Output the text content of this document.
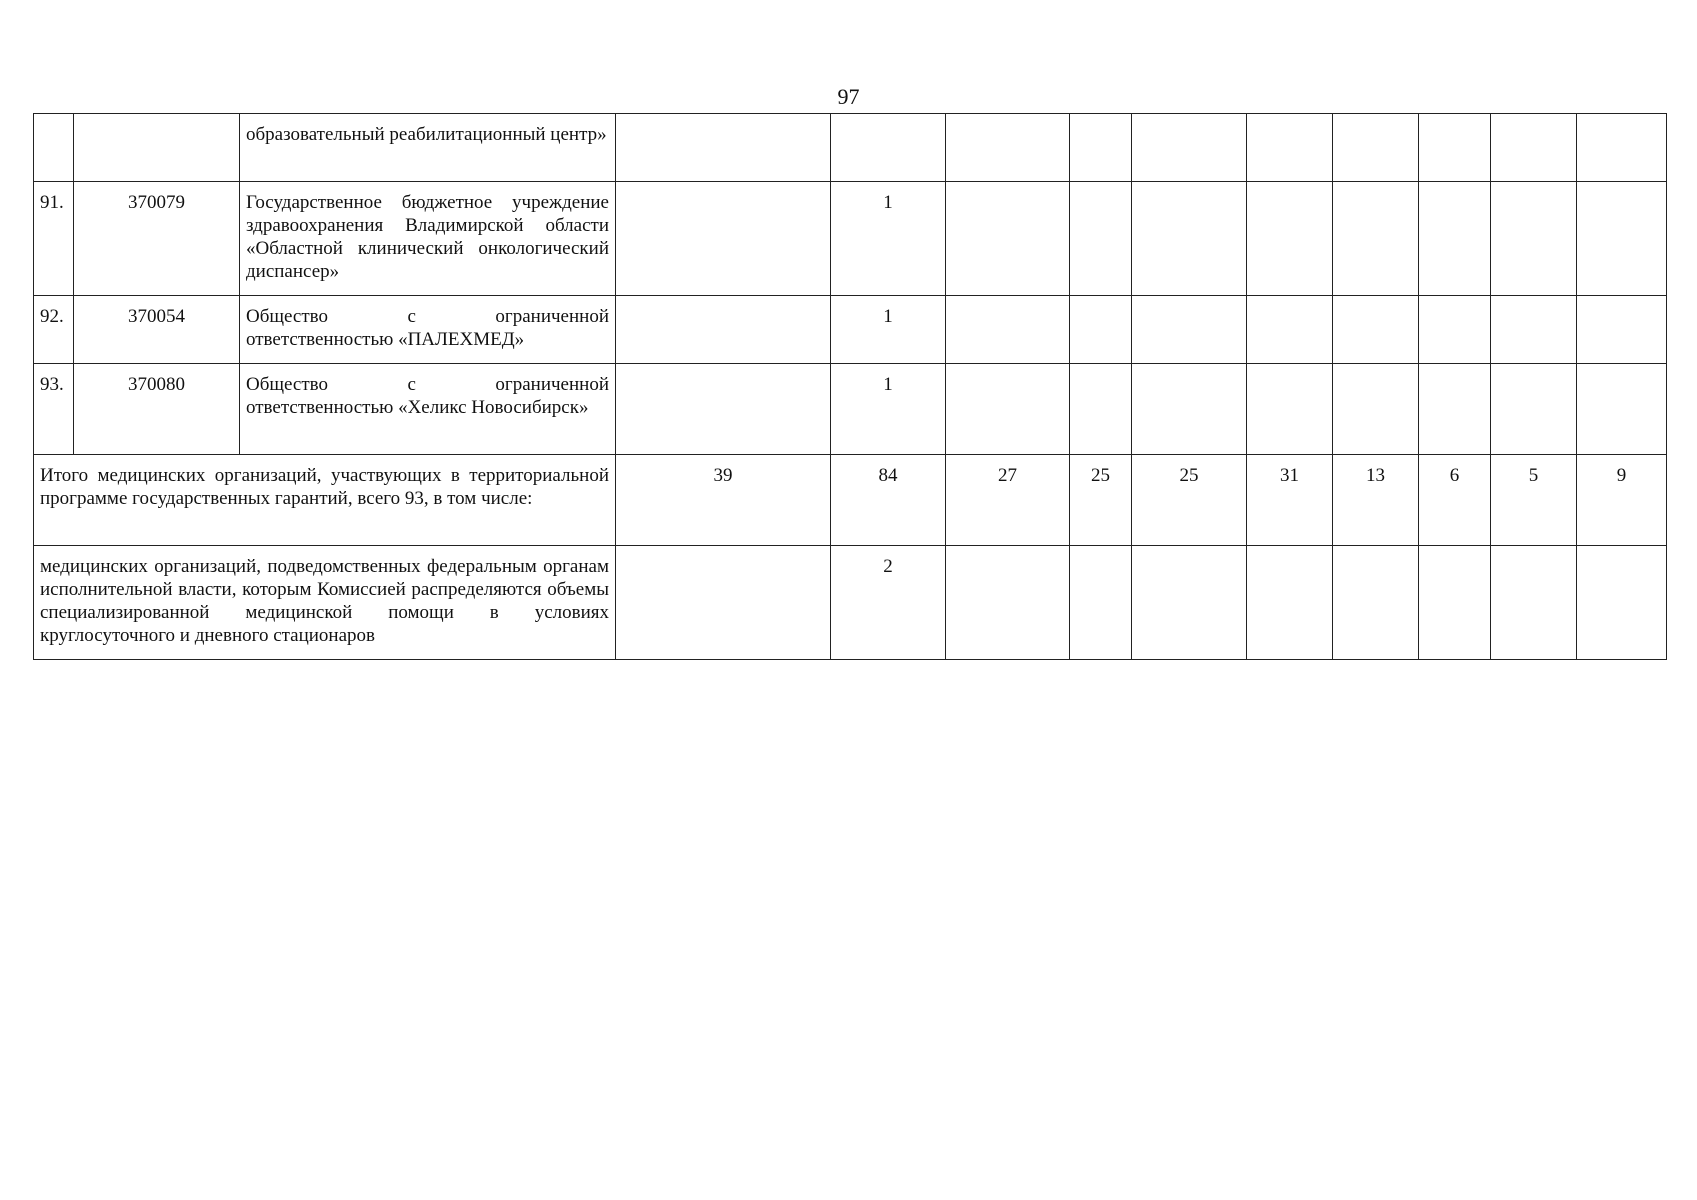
97
		образовательный реабилитационный центр»										
91.	370079	Государственное бюджетное учреждение здравоохранения Владимирской области «Областной клинический онкологический диспансер»		1								
92.	370054	Общество с ограниченной ответственностью «ПАЛЕХМЕД»		1								
93.	370080	Общество с ограниченной ответственностью «Хеликс Новосибирск»		1								
Итого медицинских организаций, участвующих в территориальной программе государственных гарантий, всего 93, в том числе:			39	84	27	25	25	31	13	6	5	9
медицинских организаций, подведомственных федеральным органам исполнительной власти, которым Комиссией распределяются объемы специализированной медицинской помощи в условиях круглосуточного и дневного стационаров				2								
